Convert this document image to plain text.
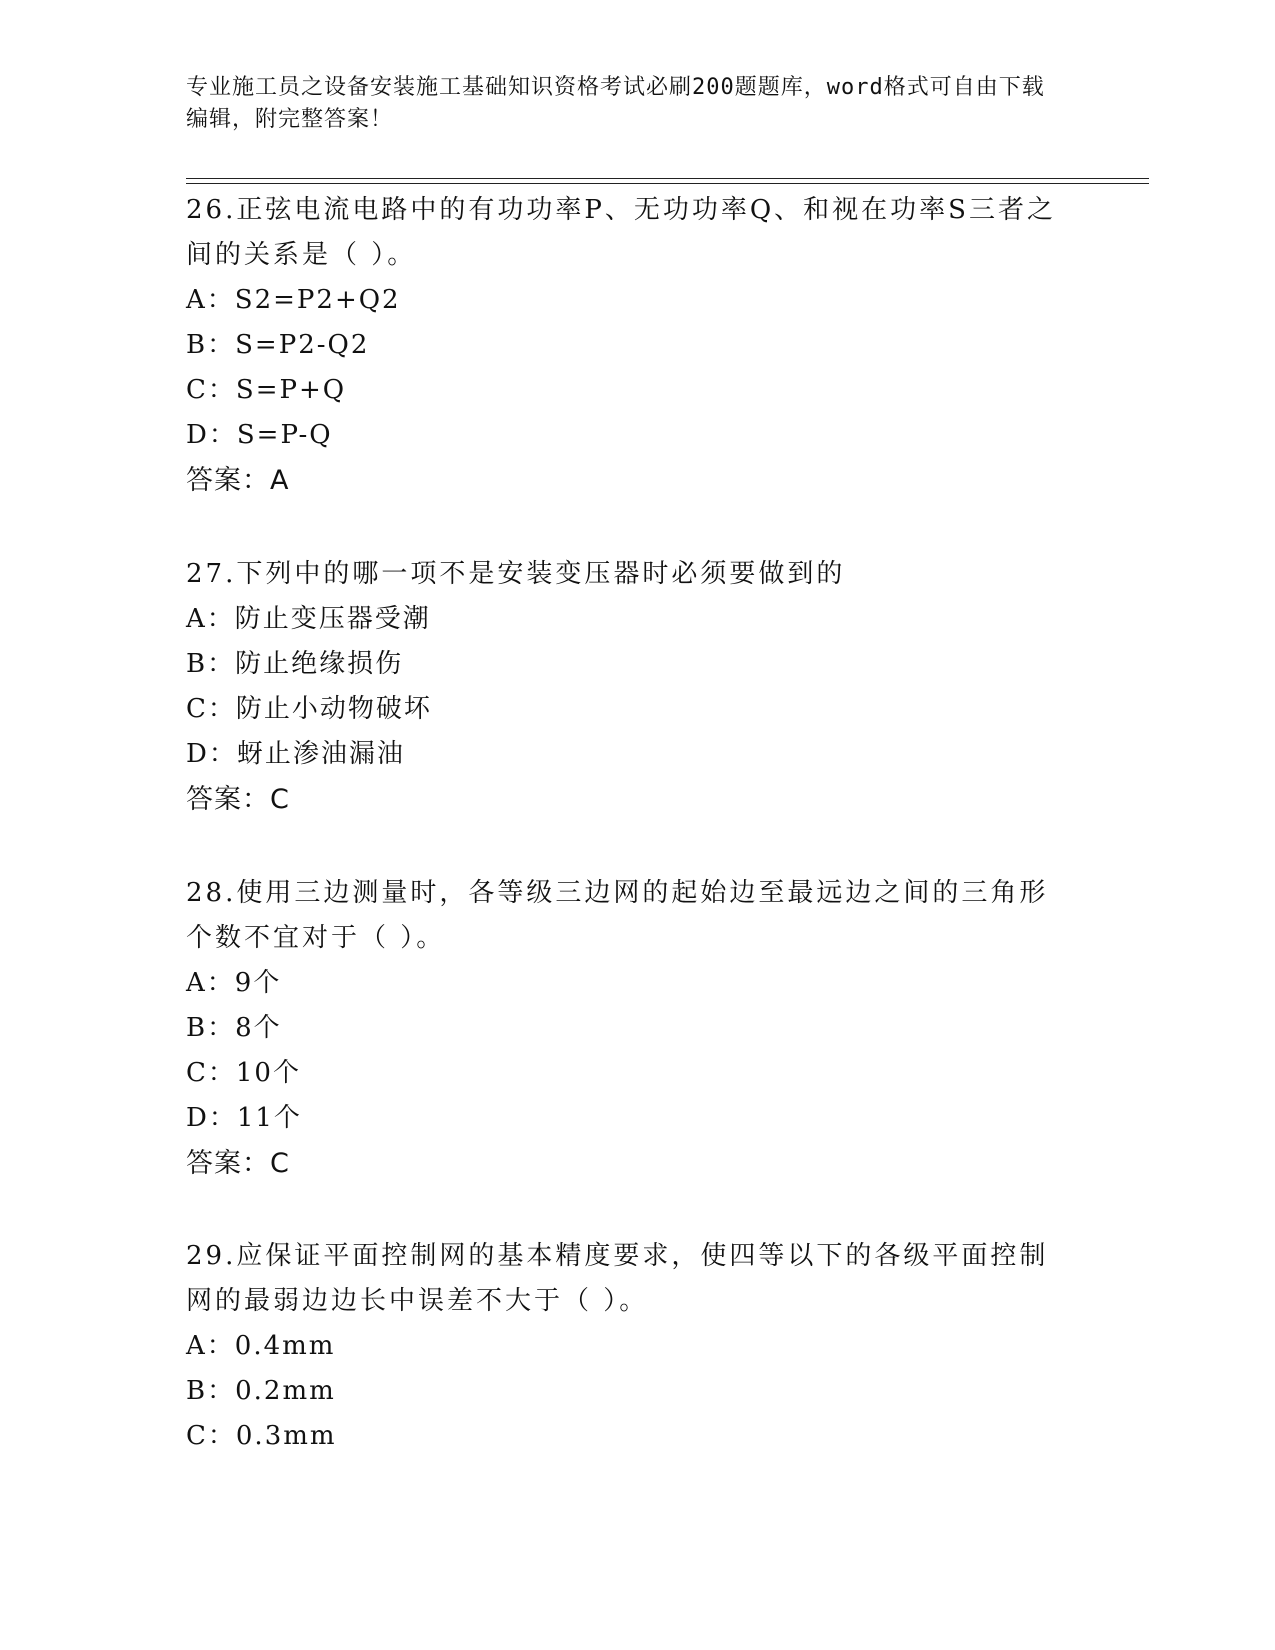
专业施工员之设备安装施工基础知识资格考试必刷200题题库，word格式可自由下载编辑，附完整答案！
26.正弦电流电路中的有功功率P、无功功率Q、和视在功率S三者之间的关系是（ ）。
A：S2=P2+Q2
B：S=P2-Q2
C：S=P+Q
D：S=P-Q
答案：A
27.下列中的哪一项不是安装变压器时必须要做到的
A：防止变压器受潮
B：防止绝缘损伤
C：防止小动物破坏
D：蚜止渗油漏油
答案：C
28.使用三边测量时，各等级三边网的起始边至最远边之间的三角形个数不宜对于（ ）。
A：9个
B：8个
C：10个
D：11个
答案：C
29.应保证平面控制网的基本精度要求，使四等以下的各级平面控制网的最弱边边长中误差不大于（ ）。
A：0.4mm
B：0.2mm
C：0.3mm
